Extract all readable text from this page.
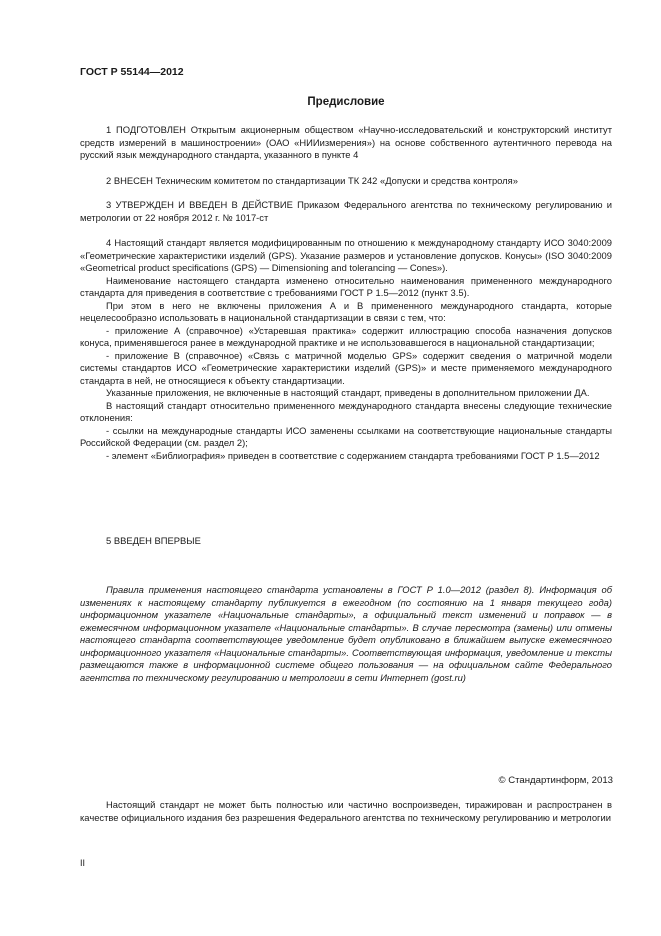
ГОСТ Р 55144—2012
Предисловие

1 ПОДГОТОВЛЕН Открытым акционерным обществом «Научно-исследовательский и конструкторский институт средств измерений в машиностроении» (ОАО «НИИизмерения») на основе собственного аутентичного перевода на русский язык международного стандарта, указанного в пункте 4

2 ВНЕСЕН Техническим комитетом по стандартизации ТК 242 «Допуски и средства контроля»

3 УТВЕРЖДЕН И ВВЕДЕН В ДЕЙСТВИЕ Приказом Федерального агентства по техническому регулированию и метрологии от 22 ноября 2012 г. № 1017-ст

4 Настоящий стандарт является модифицированным по отношению к международному стандарту ИСО 3040:2009 «Геометрические характеристики изделий (GPS). Указание размеров и установление допусков. Конусы» (ISO 3040:2009 «Geometrical product specifications (GPS) — Dimensioning and tolerancing — Cones»).

Наименование настоящего стандарта изменено относительно наименования примененного международного стандарта для приведения в соответствие с требованиями ГОСТ Р 1.5—2012 (пункт 3.5).

При этом в него не включены приложения А и В примененного международного стандарта, которые нецелесообразно использовать в национальной стандартизации в связи с тем, что:

- приложение А (справочное) «Устаревшая практика» содержит иллюстрацию способа назначения допусков конуса, применявшегося ранее в международной практике и не использовавшегося в национальной стандартизации;

- приложение В (справочное) «Связь с матричной моделью GPS» содержит сведения о матричной модели системы стандартов ИСО «Геометрические характеристики изделий (GPS)» и месте применяемого международного стандарта в ней, не относящиеся к объекту стандартизации.

Указанные приложения, не включенные в настоящий стандарт, приведены в дополнительном приложении ДА.

В настоящий стандарт относительно примененного международного стандарта внесены следующие технические отклонения:

- ссылки на международные стандарты ИСО заменены ссылками на соответствующие национальные стандарты Российской Федерации (см. раздел 2);

- элемент «Библиография» приведен в соответствие с содержанием стандарта требованиями ГОСТ Р 1.5—2012

5 ВВЕДЕН ВПЕРВЫЕ

Правила применения настоящего стандарта установлены в ГОСТ Р 1.0—2012 (раздел 8). Информация об изменениях к настоящему стандарту публикуется в ежегодном (по состоянию на 1 января текущего года) информационном указателе «Национальные стандарты», а официальный текст изменений и поправок — в ежемесячном информационном указателе «Национальные стандарты». В случае пересмотра (замены) или отмены настоящего стандарта соответствующее уведомление будет опубликовано в ближайшем выпуске ежемесячного информационного указателя «Национальные стандарты». Соответствующая информация, уведомление и тексты размещаются также в информационной системе общего пользования — на официальном сайте Федерального агентства по техническому регулированию и метрологии в сети Интернет (gost.ru)

© Стандартинформ, 2013

Настоящий стандарт не может быть полностью или частично воспроизведен, тиражирован и распространен в качестве официального издания без разрешения Федерального агентства по техническому регулированию и метрологии

II
